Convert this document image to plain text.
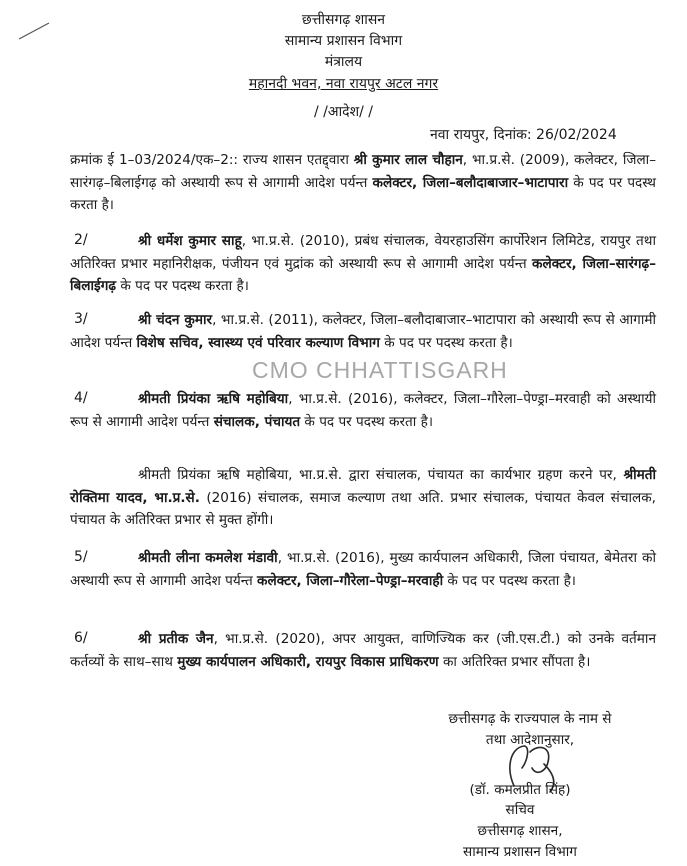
छत्तीसगढ़ शासन
सामान्य प्रशासन विभाग
मंत्रालय
महानदी भवन, नवा रायपुर अटल नगर
/ /आदेश/ /
नवा रायपुर, दिनांक: 26/02/2024
क्रमांक ई 1–03/2024/एक–2:: राज्य शासन एतद्द्वारा श्री कुमार लाल चौहान, भा.प्र.से. (2009), कलेक्टर, जिला–सारंगढ़–बिलाईगढ़ को अस्थायी रूप से आगामी आदेश पर्यन्त कलेक्टर, जिला–बलौदाबाजार–भाटापारा के पद पर पदस्थ करता है।
2/	श्री धर्मेश कुमार साहू, भा.प्र.से. (2010), प्रबंध संचालक, वेयरहाउसिंग कार्पोरेशन लिमिटेड, रायपुर तथा अतिरिक्त प्रभार महानिरीक्षक, पंजीयन एवं मुद्रांक को अस्थायी रूप से आगामी आदेश पर्यन्त कलेक्टर, जिला–सारंगढ़–बिलाईगढ़ के पद पर पदस्थ करता है।
3/	श्री चंदन कुमार, भा.प्र.से. (2011), कलेक्टर, जिला–बलौदाबाजार–भाटापारा को अस्थायी रूप से आगामी आदेश पर्यन्त विशेष सचिव, स्वास्थ्य एवं परिवार कल्याण विभाग के पद पर पदस्थ करता है।
CMO CHHATTISGARH
4/	श्रीमती प्रियंका ऋषि महोबिया, भा.प्र.से. (2016), कलेक्टर, जिला–गौरेला–पेण्ड्रा–मरवाही को अस्थायी रूप से आगामी आदेश पर्यन्त संचालक, पंचायत के पद पर पदस्थ करता है।
श्रीमती प्रियंका ऋषि महोबिया, भा.प्र.से. द्वारा संचालक, पंचायत का कार्यभार ग्रहण करने पर, श्रीमती रोक्तिमा यादव, भा.प्र.से. (2016) संचालक, समाज कल्याण तथा अति. प्रभार संचालक, पंचायत केवल संचालक, पंचायत के अतिरिक्त प्रभार से मुक्त होंगी।
5/	श्रीमती लीना कमलेश मंडावी, भा.प्र.से. (2016), मुख्य कार्यपालन अधिकारी, जिला पंचायत, बेमेतरा को अस्थायी रूप से आगामी आदेश पर्यन्त कलेक्टर, जिला–गौरेला–पेण्ड्रा–मरवाही के पद पर पदस्थ करता है।
6/	श्री प्रतीक जैन, भा.प्र.से. (2020), अपर आयुक्त, वाणिज्यिक कर (जी.एस.टी.) को उनके वर्तमान कर्तव्यों के साथ–साथ मुख्य कार्यपालन अधिकारी, रायपुर विकास प्राधिकरण का अतिरिक्त प्रभार सौंपता है।
छत्तीसगढ़ के राज्यपाल के नाम से
तथा आदेशानुसार,
(डॉ. कमलप्रीत सिंह)
सचिव
छत्तीसगढ़ शासन,
सामान्य प्रशासन विभाग
